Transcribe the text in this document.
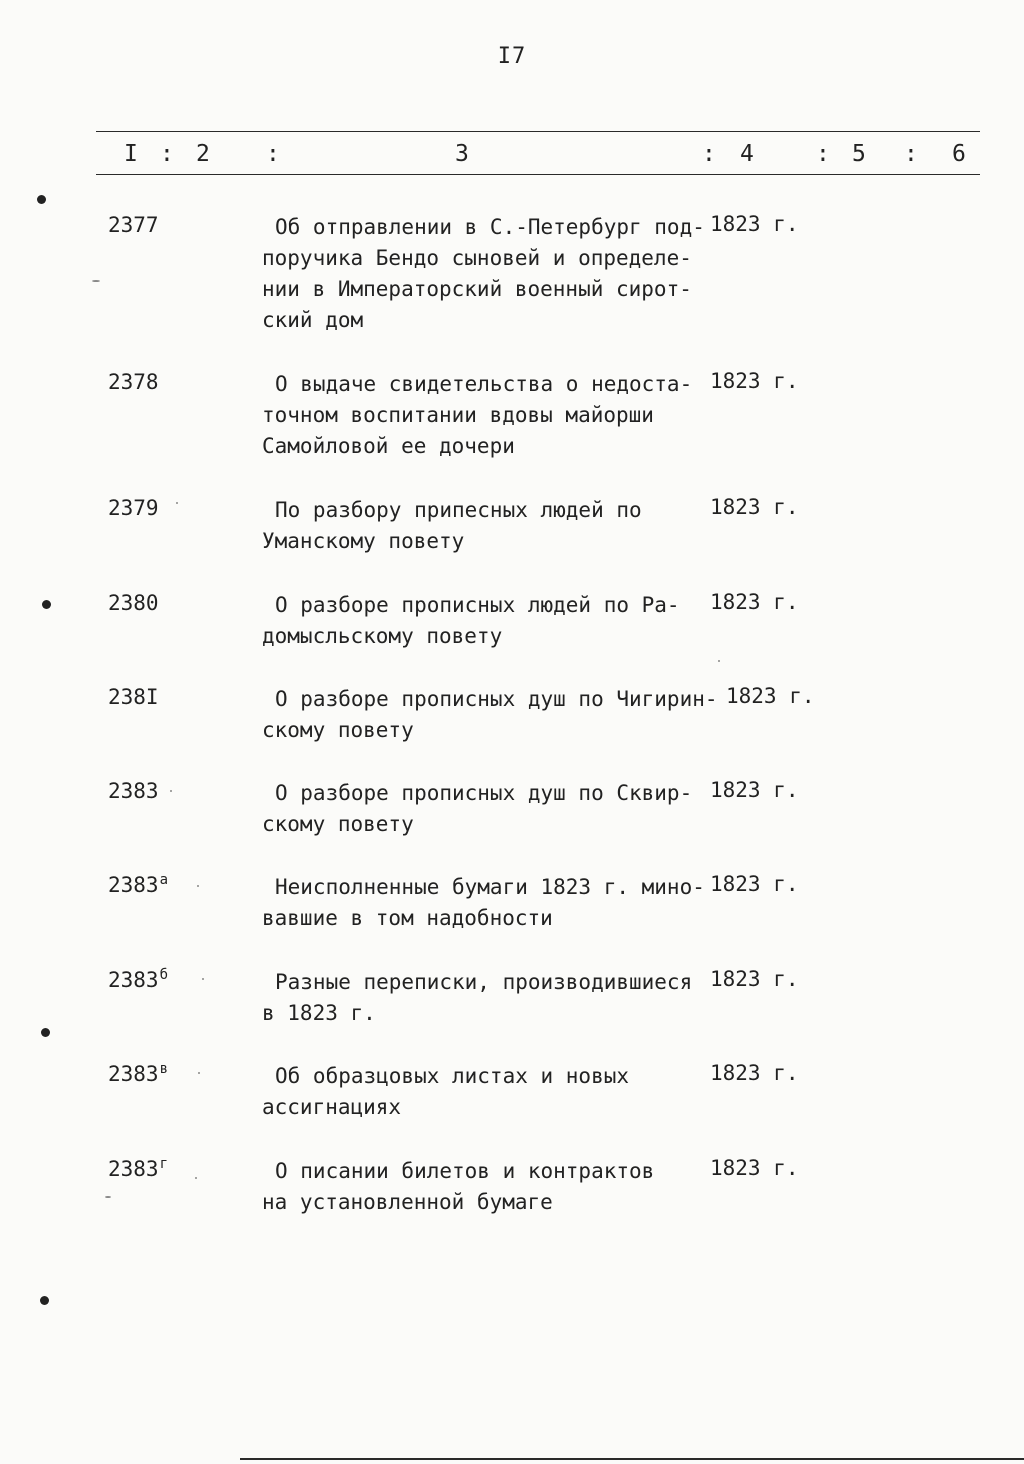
I7
I : 2 :	3	: 4	: 5 : 6
2377	Об отправлении в С.-Петербург под-
поручика Бендо сыновей и определе-
нии в Императорский военный сирот-
ский дом
1823 г.
2378	О выдаче свидетельства о недоста-
точном воспитании вдовы майорши
Самойловой ее дочери
1823 г.
2379	По разбору припесных людей по
Уманскому повету
1823 г.
2380	О разборе прописных людей по Ра-
домысльскому повету
1823 г.
238I	О разборе прописных душ по Чигирин-
скому повету
1823 г.
2383	О разборе прописных душ по Сквир-
скому повету
1823 г.
$2383^а$	Неисполненные бумаги 1823 г. мино-
вавшие в том надобности
1823 г.
$2383^б$	Разные переписки, производившиеся
в 1823 г.
1823 г.
$2383^в$	Об образцовых листах и новых
ассигнациях
1823 г.
$2383^г$	О писании билетов и контрактов
на установленной бумаге
1823 г.
